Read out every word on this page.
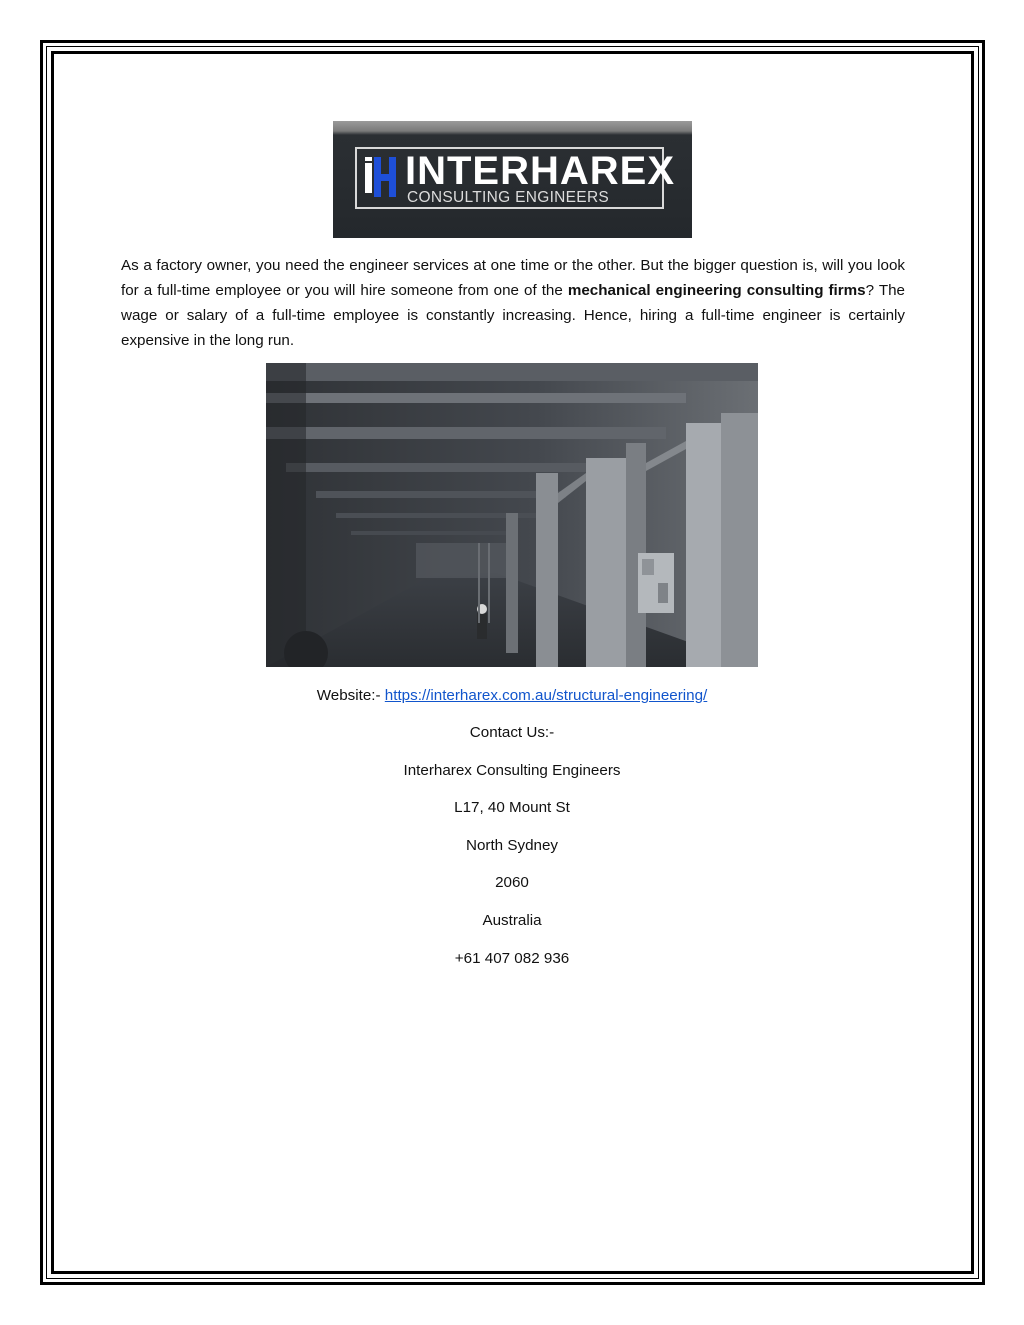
INTERHAREX
CONSULTING ENGINEERS

As a factory owner, you need the engineer services at one time or the other. But the bigger question is, will you look for a full-time employee or you will hire someone from one of the mechanical engineering consulting firms? The wage or salary of a full-time employee is constantly increasing. Hence, hiring a full-time engineer is certainly expensive in the long run.

Website:- https://interharex.com.au/structural-engineering/

Contact Us:-

Interharex Consulting Engineers

L17, 40 Mount St

North Sydney

2060

Australia

+61 407 082 936
